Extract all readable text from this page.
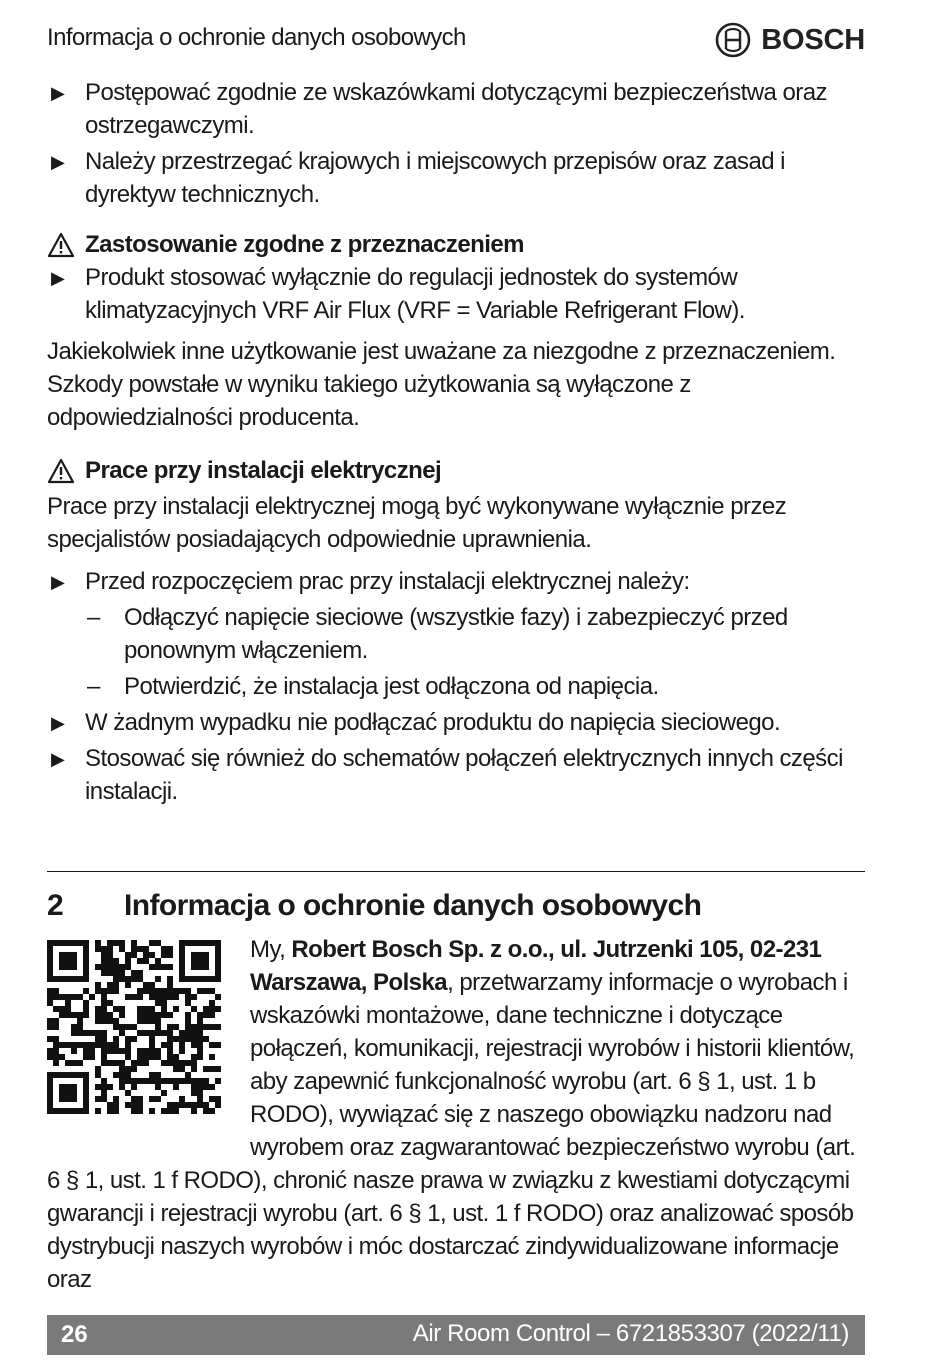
Informacja o ochronie danych osobowych	BOSCH
▶ Postępować zgodnie ze wskazówkami dotyczącymi bezpieczeństwa oraz ostrzegawczymi.
▶ Należy przestrzegać krajowych i miejscowych przepisów oraz zasad i dyrektyw technicznych.
Zastosowanie zgodne z przeznaczeniem
▶ Produkt stosować wyłącznie do regulacji jednostek do systemów klimatyzacyjnych VRF Air Flux (VRF = Variable Refrigerant Flow).

Jakiekolwiek inne użytkowanie jest uważane za niezgodne z przeznaczeniem. Szkody powstałe w wyniku takiego użytkowania są wyłączone z odpowiedzialności producenta.

Prace przy instalacji elektrycznej

Prace przy instalacji elektrycznej mogą być wykonywane wyłącznie przez specjalistów posiadających odpowiednie uprawnienia.

▶ Przed rozpoczęciem prac przy instalacji elektrycznej należy:
– Odłączyć napięcie sieciowe (wszystkie fazy) i zabezpieczyć przed ponownym włączeniem.
– Potwierdzić, że instalacja jest odłączona od napięcia.
▶ W żadnym wypadku nie podłączać produktu do napięcia sieciowego.
▶ Stosować się również do schematów połączeń elektrycznych innych części instalacji.
2 Informacja o ochronie danych osobowych
My, Robert Bosch Sp. z o.o., ul. Jutrzenki 105, 02-231 Warszawa, Polska, przetwarzamy informacje o wyrobach i wskazówki montażowe, dane techniczne i dotyczące połączeń, komunikacji, rejestracji wyrobów i historii klientów, aby zapewnić funkcjonalność wyrobu (art. 6 § 1, ust. 1 b RODO), wywiązać się z naszego obowiązku nadzoru nad wyrobem oraz zagwarantować bezpieczeństwo wyrobu (art. 6 § 1, ust. 1 f RODO), chronić nasze prawa w związku z kwestiami dotyczącymi gwarancji i rejestracji wyrobu (art. 6 § 1, ust. 1 f RODO) oraz analizować sposób dystrybucji naszych wyrobów i móc dostarczać zindywidualizowane informacje oraz
26	Air Room Control – 6721853307 (2022/11)
